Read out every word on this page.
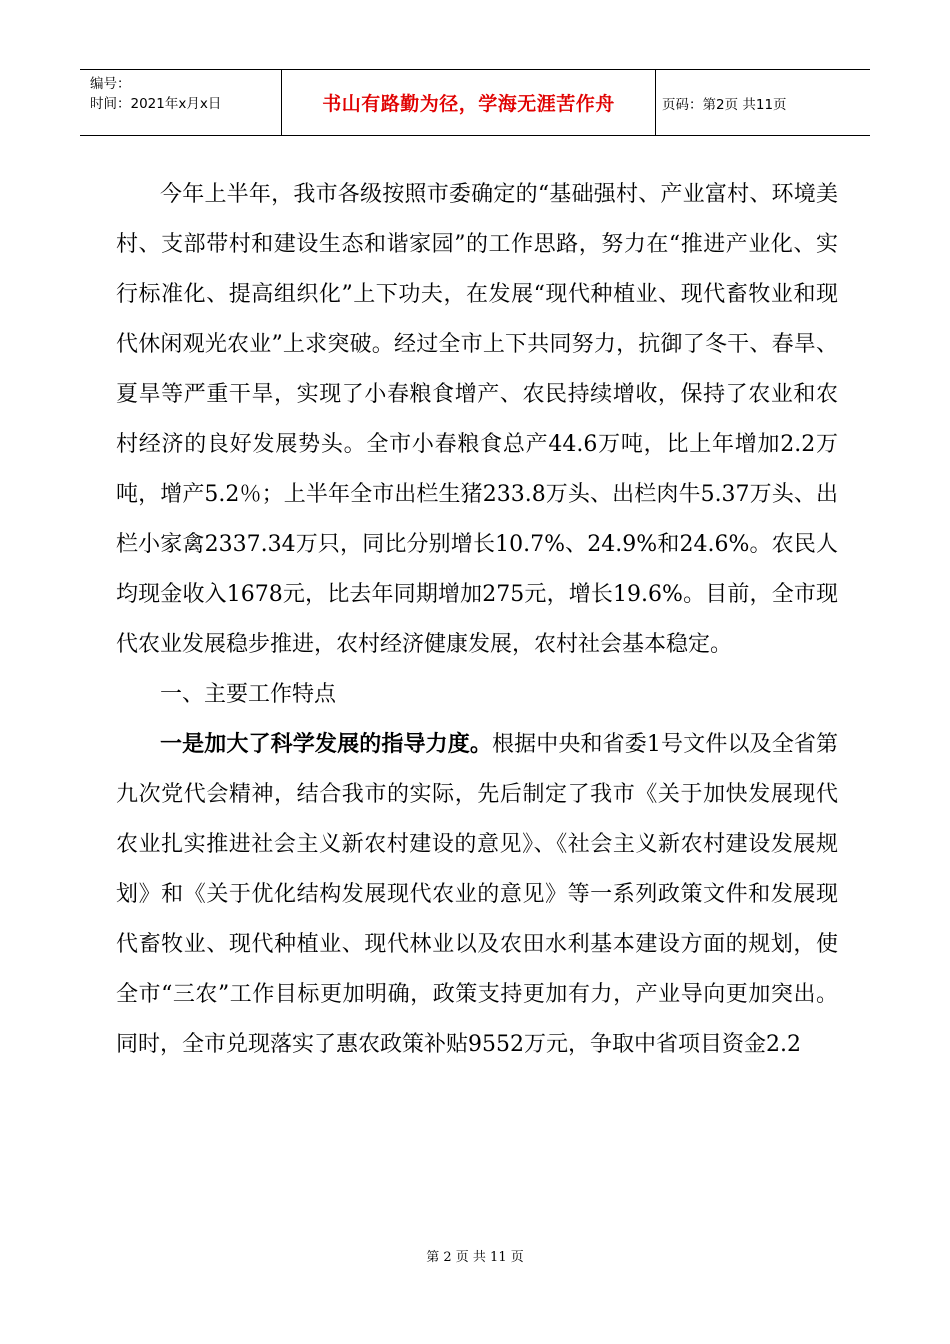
编号：
时间：2021年x月x日	书山有路勤为径，学海无涯苦作舟	页码：第2页 共11页

今年上半年，我市各级按照市委确定的“基础强村、产业富村、环境美村、支部带村和建设生态和谐家园”的工作思路，努力在“推进产业化、实行标准化、提高组织化”上下功夫，在发展“现代种植业、现代畜牧业和现代休闲观光农业”上求突破。经过全市上下共同努力，抗御了冬干、春旱、夏旱等严重干旱，实现了小春粮食增产、农民持续增收，保持了农业和农村经济的良好发展势头。全市小春粮食总产44.6万吨，比上年增加2.2万吨，增产5.2％；上半年全市出栏生猪233.8万头、出栏肉牛5.37万头、出栏小家禽2337.34万只，同比分别增长10.7%、24.9%和24.6%。农民人均现金收入1678元，比去年同期增加275元，增长19.6%。目前，全市现代农业发展稳步推进，农村经济健康发展，农村社会基本稳定。

一、主要工作特点

一是加大了科学发展的指导力度。根据中央和省委1号文件以及全省第九次党代会精神，结合我市的实际，先后制定了我市《关于加快发展现代农业扎实推进社会主义新农村建设的意见》、《社会主义新农村建设发展规划》和《关于优化结构发展现代农业的意见》等一系列政策文件和发展现代畜牧业、现代种植业、现代林业以及农田水利基本建设方面的规划，使全市“三农”工作目标更加明确，政策支持更加有力，产业导向更加突出。同时，全市兑现落实了惠农政策补贴9552万元，争取中省项目资金2.2

第 2 页 共 11 页
